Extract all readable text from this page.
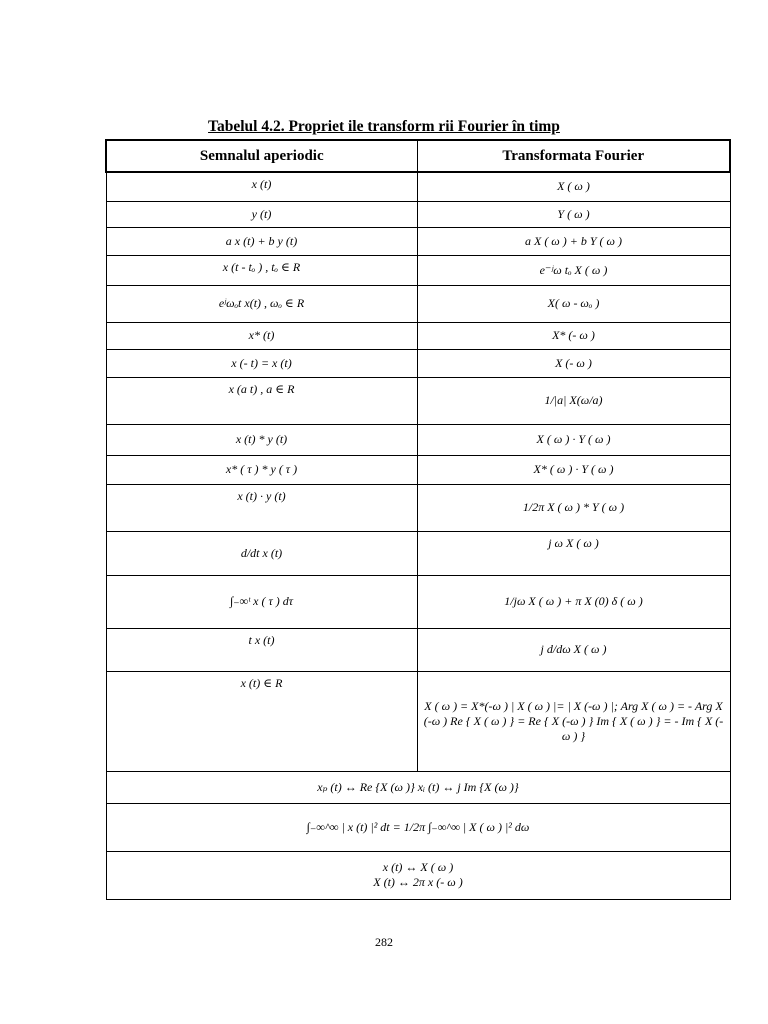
Tabelul 4.2. Propriet ile transform rii Fourier în timp
Semnalul aperiodic	Transformata Fourier
x (t)	X ( ω )
y (t)	Y ( ω )
a x (t) + b y (t)	a X ( ω ) + b Y ( ω )
x (t - tₒ ) , tₒ ∈ R	e⁻ʲω tₒ X ( ω )
eʲωₒt x(t) , ωₒ ∈ R	X( ω - ωₒ )
x* (t)	X* (- ω )
x (- t) = x (t)	X (- ω )
x (a t) , a ∈ R	1/|a| X(ω/a)
x (t) * y (t)	X ( ω ) · Y ( ω )
x* ( τ ) * y ( τ )	X* ( ω ) · Y ( ω )
x (t) · y (t)	1/2π X ( ω ) * Y ( ω )
d/dt x (t)	j ω X ( ω )
∫₋∞ᵗ x ( τ ) dτ	1/jω X ( ω ) + π X (0) δ ( ω )
t x (t)	j d/dω X ( ω )
x (t) ∈ R	X ( ω ) = X*(-ω ) | X ( ω ) |= | X (-ω ) |; Arg X ( ω ) = - Arg X (-ω ) Re { X ( ω ) } = Re { X (-ω ) } Im { X ( ω ) } = - Im { X (-ω ) }
xₚ (t) ↔ Re {X (ω )} xᵢ (t) ↔ j Im {X (ω )}	
∫₋∞^∞ | x (t) |² dt = 1/2π ∫₋∞^∞ | X ( ω ) |² dω	

x (t) ↔ X ( ω )
X (t) ↔ 2π x (- ω )	
282
